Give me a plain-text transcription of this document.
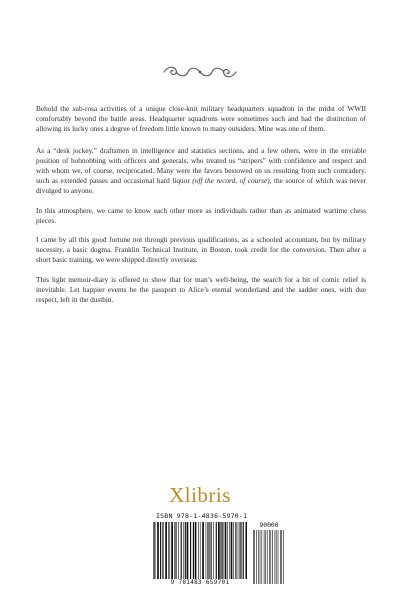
Behold the sub-rosa activities of a unique close-knit military headquarters squadron in the midst of WWII comfortably beyond the battle areas. Headquarter squadrons were sometimes such and had the distinction of allowing its lucky ones a degree of freedom little known to many outsiders. Mine was one of them.

As a “desk jockey,” draftsmen in intelligence and statistics sections, and a few others, were in the enviable position of hobnobbing with officers and generals, who treated us “stripers” with confidence and respect and with whom we, of course, reciprocated. Many were the favors bestowed on us resulting from such comradery, such as extended passes and occasional hard liquor (off the record, of course), the source of which was never divulged to anyone.

In this atmosphere, we came to know each other more as individuals rather than as animated wartime chess pieces.

I came by all this good fortune not through previous qualifications, as a schooled accountant, but by military necessity, a basic dogma. Franklin Technical Institute, in Boston, took credit for the conversion. Then after a short basic training, we were shipped directly overseas.

This light memoir-diary is offered to show that for man’s well-being, the search for a bit of comic relief is inevitable. Let happier events be the passport to Alice’s eternal wonderland and the sadder ones, with due respect, left in the dustbin.

Xlibris
ISBN 978-1-4836-5970-1
90000
9 781483 659701
